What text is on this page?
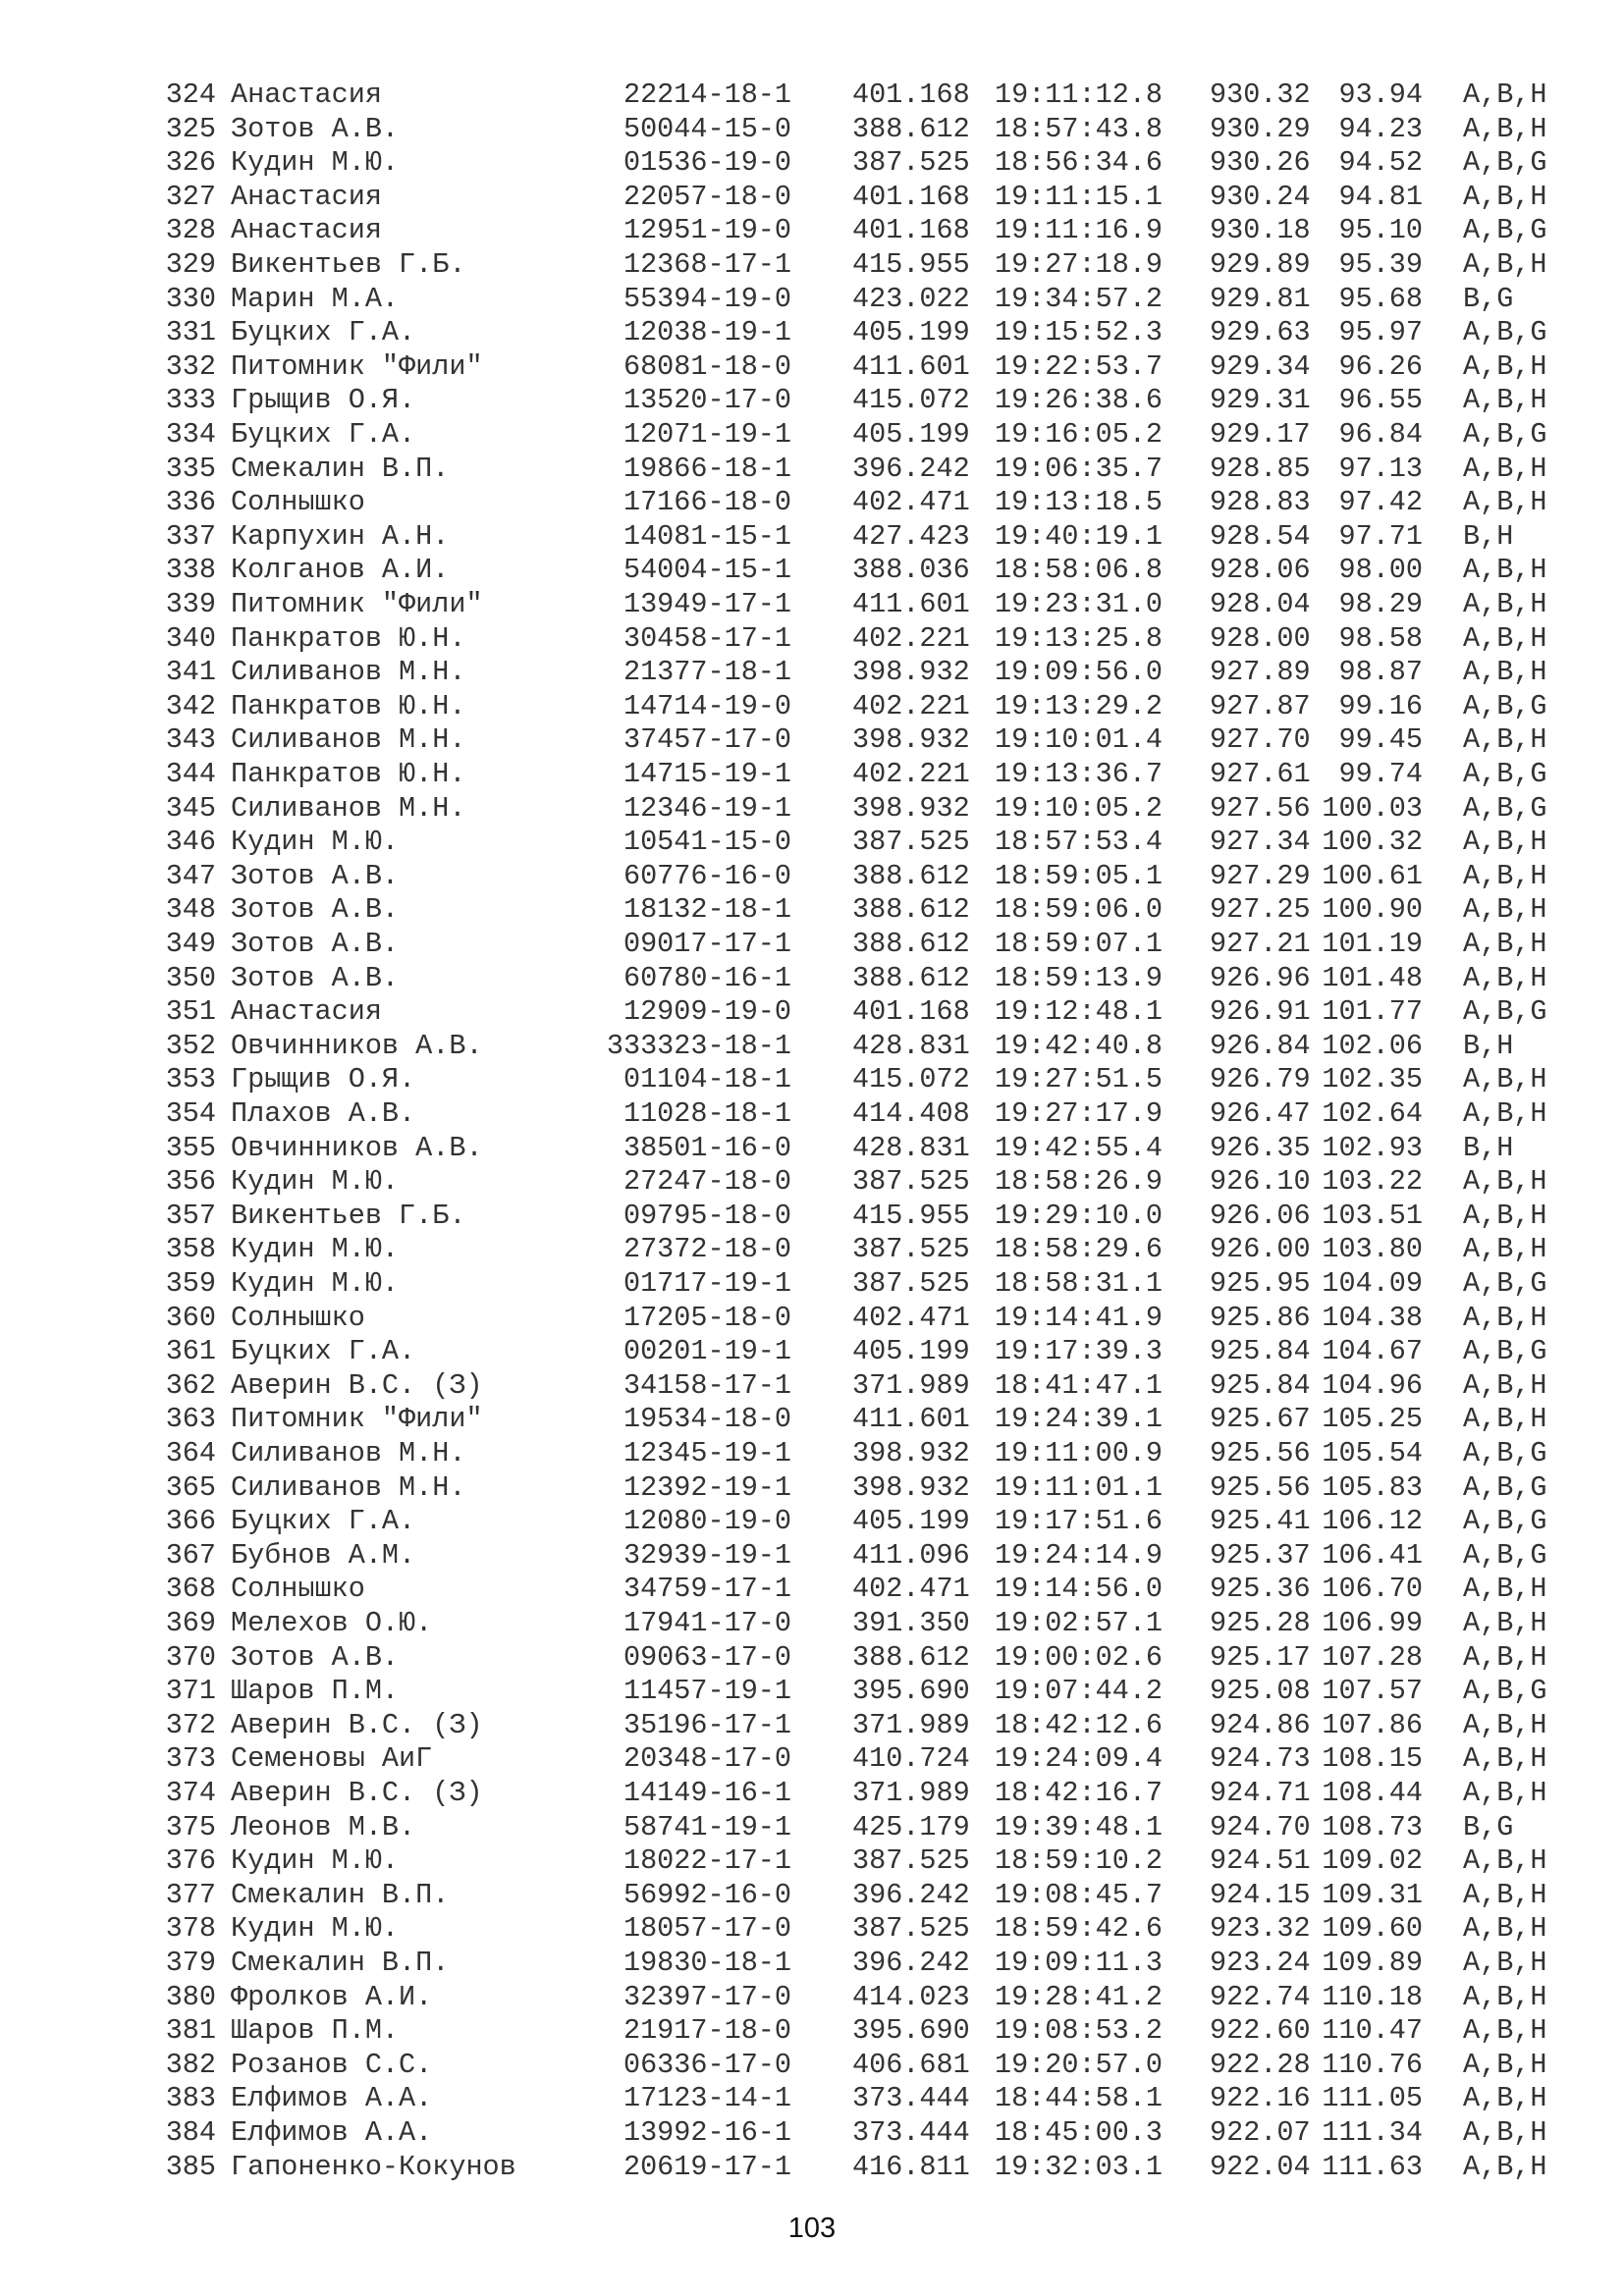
324 Анастасия	22214-18-1 401.168 19:11:12.8	930.32	93.94 A,B,H
325 Зотов А.В.	50044-15-0 388.612 18:57:43.8	930.29	94.23 A,B,H
326 Кудин М.Ю.	01536-19-0 387.525 18:56:34.6	930.26	94.52 A,B,G
327 Анастасия	22057-18-0 401.168 19:11:15.1	930.24	94.81 A,B,H
328 Анастасия	12951-19-0 401.168 19:11:16.9	930.18	95.10 A,B,G
329 Викентьев Г.Б.	12368-17-1 415.955 19:27:18.9	929.89	95.39 A,B,H
330 Марин М.А.	55394-19-0 423.022 19:34:57.2	929.81	95.68 B,G
331 Буцких Г.А.	12038-19-1 405.199 19:15:52.3	929.63	95.97 A,B,G
332 Питомник "Фили"	68081-18-0 411.601 19:22:53.7	929.34	96.26 A,B,H
333 Грыщив О.Я.	13520-17-0 415.072 19:26:38.6	929.31	96.55 A,B,H
334 Буцких Г.А.	12071-19-1 405.199 19:16:05.2	929.17	96.84 A,B,G
335 Смекалин В.П.	19866-18-1 396.242 19:06:35.7	928.85	97.13 A,B,H
336 Солнышко	17166-18-0 402.471 19:13:18.5	928.83	97.42 A,B,H
337 Карпухин А.Н.	14081-15-1 427.423 19:40:19.1	928.54	97.71 B,H
338 Колганов А.И.	54004-15-1 388.036 18:58:06.8	928.06	98.00 A,B,H
339 Питомник "Фили"	13949-17-1 411.601 19:23:31.0	928.04	98.29 A,B,H
340 Панкратов Ю.Н.	30458-17-1 402.221 19:13:25.8	928.00	98.58 A,B,H
341 Силиванов М.Н.	21377-18-1 398.932 19:09:56.0	927.89	98.87 A,B,H
342 Панкратов Ю.Н.	14714-19-0 402.221 19:13:29.2	927.87	99.16 A,B,G
343 Силиванов М.Н.	37457-17-0 398.932 19:10:01.4	927.70	99.45 A,B,H
344 Панкратов Ю.Н.	14715-19-1 402.221 19:13:36.7	927.61	99.74 A,B,G
345 Силиванов М.Н.	12346-19-1 398.932 19:10:05.2	927.56 100.03 A,B,G
346 Кудин М.Ю.	10541-15-0 387.525 18:57:53.4	927.34 100.32 A,B,H
347 Зотов А.В.	60776-16-0 388.612 18:59:05.1	927.29 100.61 A,B,H
348 Зотов А.В.	18132-18-1 388.612 18:59:06.0	927.25 100.90 A,B,H
349 Зотов А.В.	09017-17-1 388.612 18:59:07.1	927.21 101.19 A,B,H
350 Зотов А.В.	60780-16-1 388.612 18:59:13.9	926.96 101.48 A,B,H
351 Анастасия	12909-19-0 401.168 19:12:48.1	926.91 101.77 A,B,G
352 Овчинников А.В.	333323-18-1 428.831 19:42:40.8	926.84 102.06 B,H
353 Грыщив О.Я.	01104-18-1 415.072 19:27:51.5	926.79 102.35 A,B,H
354 Плахов А.В.	11028-18-1 414.408 19:27:17.9	926.47 102.64 A,B,H
355 Овчинников А.В.	38501-16-0 428.831 19:42:55.4	926.35 102.93 B,H
356 Кудин М.Ю.	27247-18-0 387.525 18:58:26.9	926.10 103.22 A,B,H
357 Викентьев Г.Б.	09795-18-0 415.955 19:29:10.0	926.06 103.51 A,B,H
358 Кудин М.Ю.	27372-18-0 387.525 18:58:29.6	926.00 103.80 A,B,H
359 Кудин М.Ю.	01717-19-1 387.525 18:58:31.1	925.95 104.09 A,B,G
360 Солнышко	17205-18-0 402.471 19:14:41.9	925.86 104.38 A,B,H
361 Буцких Г.А.	00201-19-1 405.199 19:17:39.3	925.84 104.67 A,B,G
362 Аверин В.С. (З)	34158-17-1 371.989 18:41:47.1	925.84 104.96 A,B,H
363 Питомник "Фили"	19534-18-0 411.601 19:24:39.1	925.67 105.25 A,B,H
364 Силиванов М.Н.	12345-19-1 398.932 19:11:00.9	925.56 105.54 A,B,G
365 Силиванов М.Н.	12392-19-1 398.932 19:11:01.1	925.56 105.83 A,B,G
366 Буцких Г.А.	12080-19-0 405.199 19:17:51.6	925.41 106.12 A,B,G
367 Бубнов А.М.	32939-19-1 411.096 19:24:14.9	925.37 106.41 A,B,G
368 Солнышко	34759-17-1 402.471 19:14:56.0	925.36 106.70 A,B,H
369 Мелехов О.Ю.	17941-17-0 391.350 19:02:57.1	925.28 106.99 A,B,H
370 Зотов А.В.	09063-17-0 388.612 19:00:02.6	925.17 107.28 A,B,H
371 Шаров П.М.	11457-19-1 395.690 19:07:44.2	925.08 107.57 A,B,G
372 Аверин В.С. (З)	35196-17-1 371.989 18:42:12.6	924.86 107.86 A,B,H
373 Семеновы АиГ	20348-17-0 410.724 19:24:09.4	924.73 108.15 A,B,H
374 Аверин В.С. (З)	14149-16-1 371.989 18:42:16.7	924.71 108.44 A,B,H
375 Леонов М.В.	58741-19-1 425.179 19:39:48.1	924.70 108.73 B,G
376 Кудин М.Ю.	18022-17-1 387.525 18:59:10.2	924.51 109.02 A,B,H
377 Смекалин В.П.	56992-16-0 396.242 19:08:45.7	924.15 109.31 A,B,H
378 Кудин М.Ю.	18057-17-0 387.525 18:59:42.6	923.32 109.60 A,B,H
379 Смекалин В.П.	19830-18-1 396.242 19:09:11.3	923.24 109.89 A,B,H
380 Фролков А.И.	32397-17-0 414.023 19:28:41.2	922.74 110.18 A,B,H
381 Шаров П.М.	21917-18-0 395.690 19:08:53.2	922.60 110.47 A,B,H
382 Розанов С.С.	06336-17-0 406.681 19:20:57.0	922.28 110.76 A,B,H
383 Елфимов А.А.	17123-14-1 373.444 18:44:58.1	922.16 111.05 A,B,H
384 Елфимов А.А.	13992-16-1 373.444 18:45:00.3	922.07 111.34 A,B,H
385 Гапоненко-Кокунов	20619-17-1 416.811 19:32:03.1	922.04 111.63 A,B,H
103
